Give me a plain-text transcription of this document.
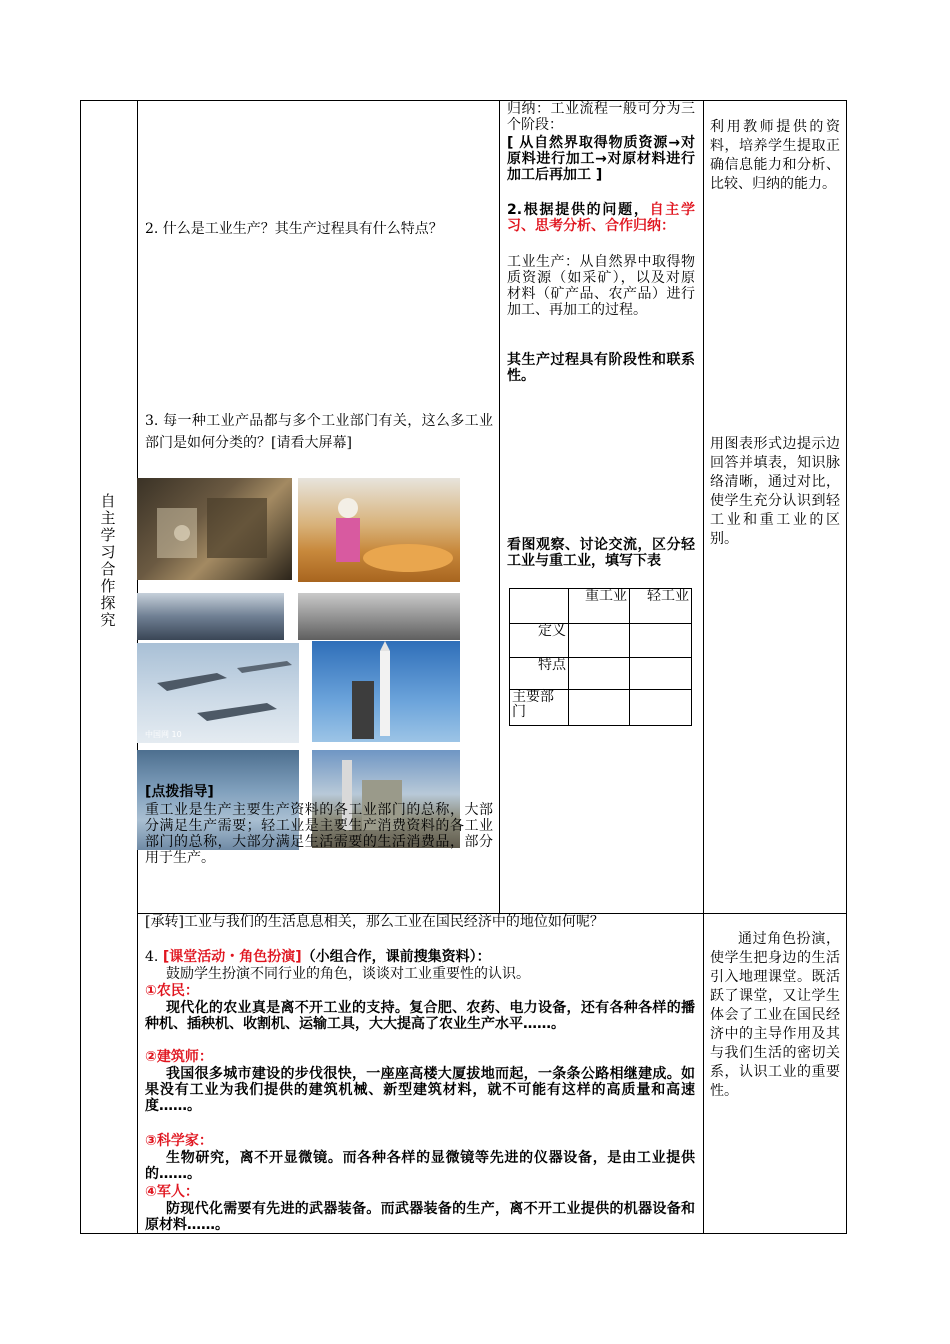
自主学习合作探究
2. 什么是工业生产？其生产过程具有什么特点？
3. 每一种工业产品都与多个工业部门有关，这么多工业部门是如何分类的？[请看大屏幕]
中国网 10
[点拨指导]
重工业是生产主要生产资料的各工业部门的总称，大部分满足生产需要；轻工业是主要生产消费资料的各工业部门的总称，大部分满足生活需要的生活消费品，部分用于生产。
归纳：工业流程一般可分为三个阶段：
[ 从自然界取得物质资源→对原料进行加工→对原材料进行加工后再加工 ]
2.根据提供的问题，自主学习、思考分析、合作归纳：
工业生产：从自然界中取得物质资源（如采矿），以及对原材料（矿产品、农产品）进行加工、再加工的过程。
其生产过程具有阶段性和联系性。
看图观察、讨论交流，区分轻工业与重工业，填写下表
	重工业	轻工业
定义		
特点		
主要部门		
利用教师提供的资料，培养学生提取正确信息能力和分析、比较、归纳的能力。
用图表形式边提示边回答并填表，知识脉络清晰，通过对比，使学生充分认识到轻工业和重工业的区别。
通过角色扮演，使学生把身边的生活引入地理课堂。既活跃了课堂，又让学生体会了工业在国民经济中的主导作用及其与我们生活的密切关系，认识工业的重要性。
[承转]工业与我们的生活息息相关，那么工业在国民经济中的地位如何呢？
4. [课堂活动・角色扮演]（小组合作，课前搜集资料）：
鼓励学生扮演不同行业的角色，谈谈对工业重要性的认识。
①农民：
现代化的农业真是离不开工业的支持。复合肥、农药、电力设备，还有各种各样的播种机、插秧机、收割机、运输工具，大大提高了农业生产水平……。
②建筑师：
我国很多城市建设的步伐很快，一座座高楼大厦拔地而起，一条条公路相继建成。如果没有工业为我们提供的建筑机械、新型建筑材料，就不可能有这样的高质量和高速度……。
③科学家：
生物研究，离不开显微镜。而各种各样的显微镜等先进的仪器设备，是由工业提供的……。
④军人：
防现代化需要有先进的武器装备。而武器装备的生产，离不开工业提供的机器设备和原材料……。
